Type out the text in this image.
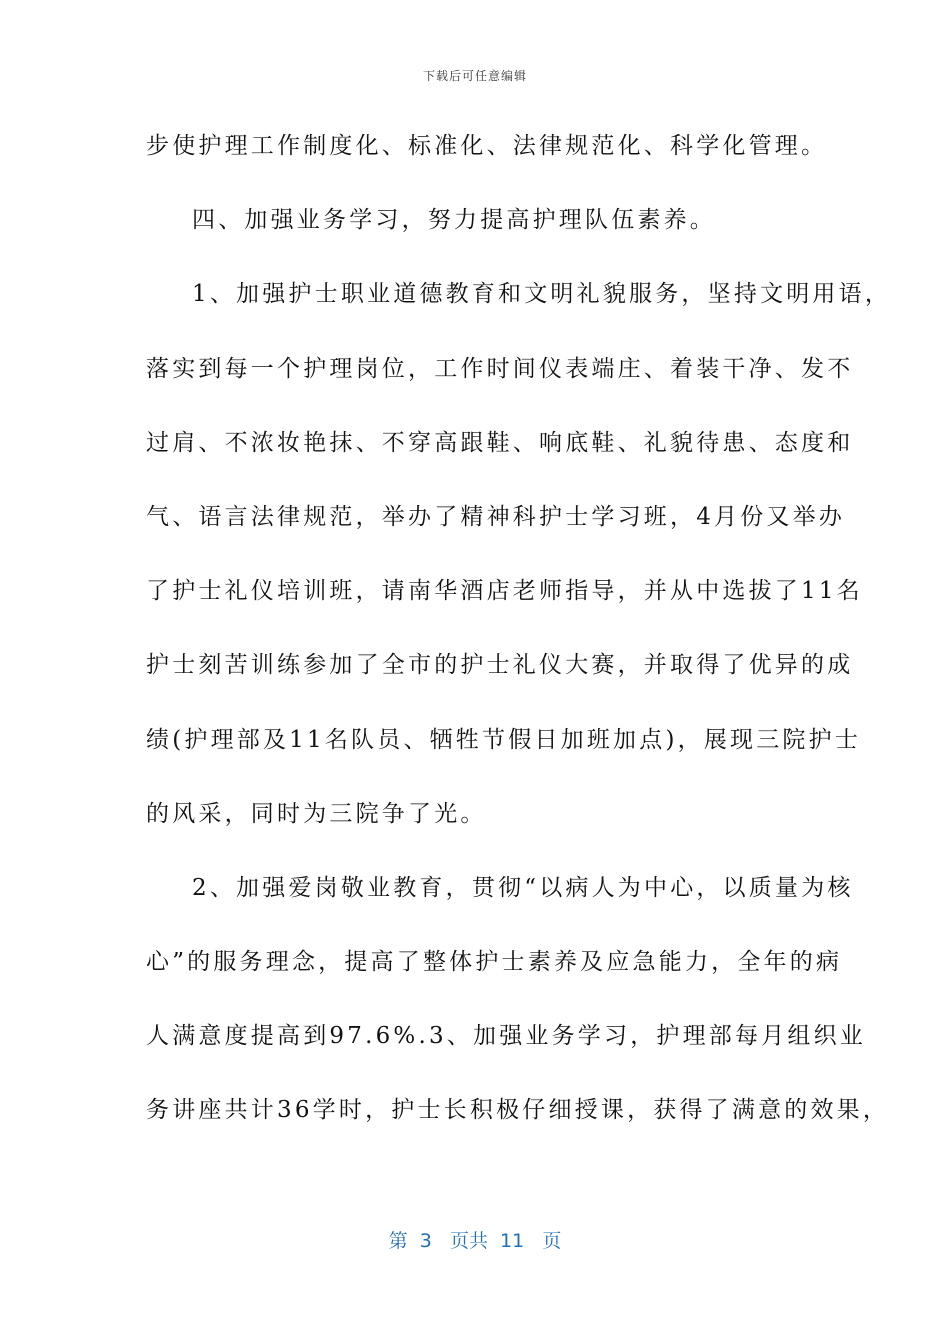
下载后可任意编辑
步使护理工作制度化、标准化、法律规范化、科学化管理。
四、加强业务学习，努力提高护理队伍素养。
1、加强护士职业道德教育和文明礼貌服务，坚持文明用语，
落实到每一个护理岗位，工作时间仪表端庄、着装干净、发不
过肩、不浓妆艳抹、不穿高跟鞋、响底鞋、礼貌待患、态度和
气、语言法律规范，举办了精神科护士学习班，4月份又举办
了护士礼仪培训班，请南华酒店老师指导，并从中选拔了11名
护士刻苦训练参加了全市的护士礼仪大赛，并取得了优异的成
绩(护理部及11名队员、牺牲节假日加班加点)，展现三院护士
的风采，同时为三院争了光。
2、加强爱岗敬业教育，贯彻“以病人为中心，以质量为核
心”的服务理念，提高了整体护士素养及应急能力，全年的病
人满意度提高到97.6%.3、加强业务学习，护理部每月组织业
务讲座共计36学时，护士长积极仔细授课，获得了满意的效果，
第  3   页共  11   页
